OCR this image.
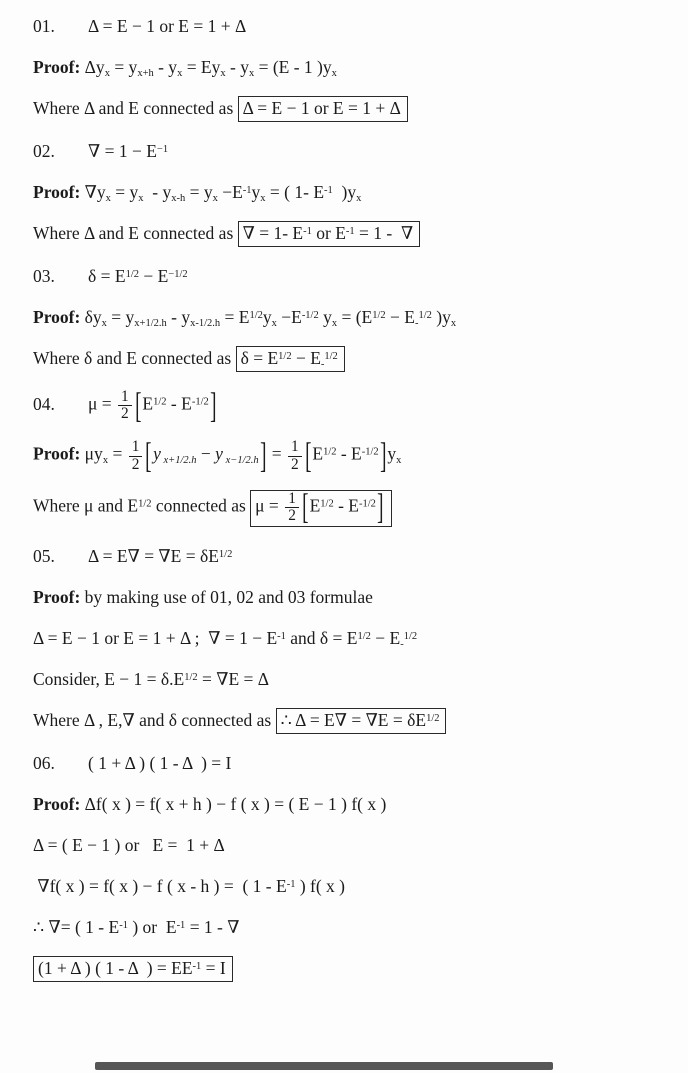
01. Δ = E − 1 or E = 1 + Δ
Proof: $\Delta y_x = y_{x+h} - y_x = Ey_x - y_x = (E - 1$ )$y_x$
Where Δ and E connected as Δ = E − 1 or E = 1 + Δ
02. ∇ = $1 - E^{-1}$
Proof: $\nabla y_x = y_x - y_{x-h} = y_x -E^{-1}y_x$ = ( 1- $E^{-1}$  )$y_x$
Where Δ and E connected as ∇ = 1- $E^{-1}$ or $E^{-1} = 1$ -  ∇
03. $\delta = E^{1/2} - E^{-1/2}$
Proof: $\delta y_x = y_{x+1/2.h} - y_{x-1/2.h} = E^{1/2}y_x -E^{-1/2}$ $y_x = (E^{1/2} - E_-^{1/2}$ )$y_x$
Where δ and E connected as $\delta = E^{1/2} - E_-^{1/2}$
04. $\mu = \frac{1}{2} [E^{1/2} - E^{-1/2}]$
Proof: $\mu y_x = \frac{1}{2} [y$ $_{x+1/2.h}$ − y $_{x-1/2.h}] = \frac{1}{2} [E^{1/2} - E^{-1/2}]y_x$
Where μ and $E^{1/2}$ connected as $\mu = \frac{1}{2} [E^{1/2} - E^{-1/2}]$
05. $\Delta = E\nabla = \nabla E = \delta E^{1/2}$
Proof: by making use of 01, 02 and 03 formulae
Δ = E − 1 or E = 1 + Δ ;  ∇ = $1 - E^{-1}$ and $\delta = E^{1/2} - E_-^{1/2}$
Consider, $E - 1 = \delta.E^{1/2} = \nabla E = \Delta$
Where Δ , E,∇ and δ connected as ∴ $\Delta = E\nabla = \nabla E = \delta E^{1/2}$
06. ( 1 + Δ ) ( 1 - Δ  ) = I
Proof: Δf( x ) = f( x + h ) − f ( x ) = ( E − 1 ) f( x )
Δ = ( E − 1 ) or   E =  1 + Δ
∇f( x ) = f( x ) − f ( x - h ) =  ( $1 - E^{-1}$ ) f( x )
∴ ∇= ( $1 - E^{-1}$ ) or  $E^{-1} = 1$ - ∇
(1 + Δ ) ( 1 - Δ  ) = $EE^{-1} = I$
